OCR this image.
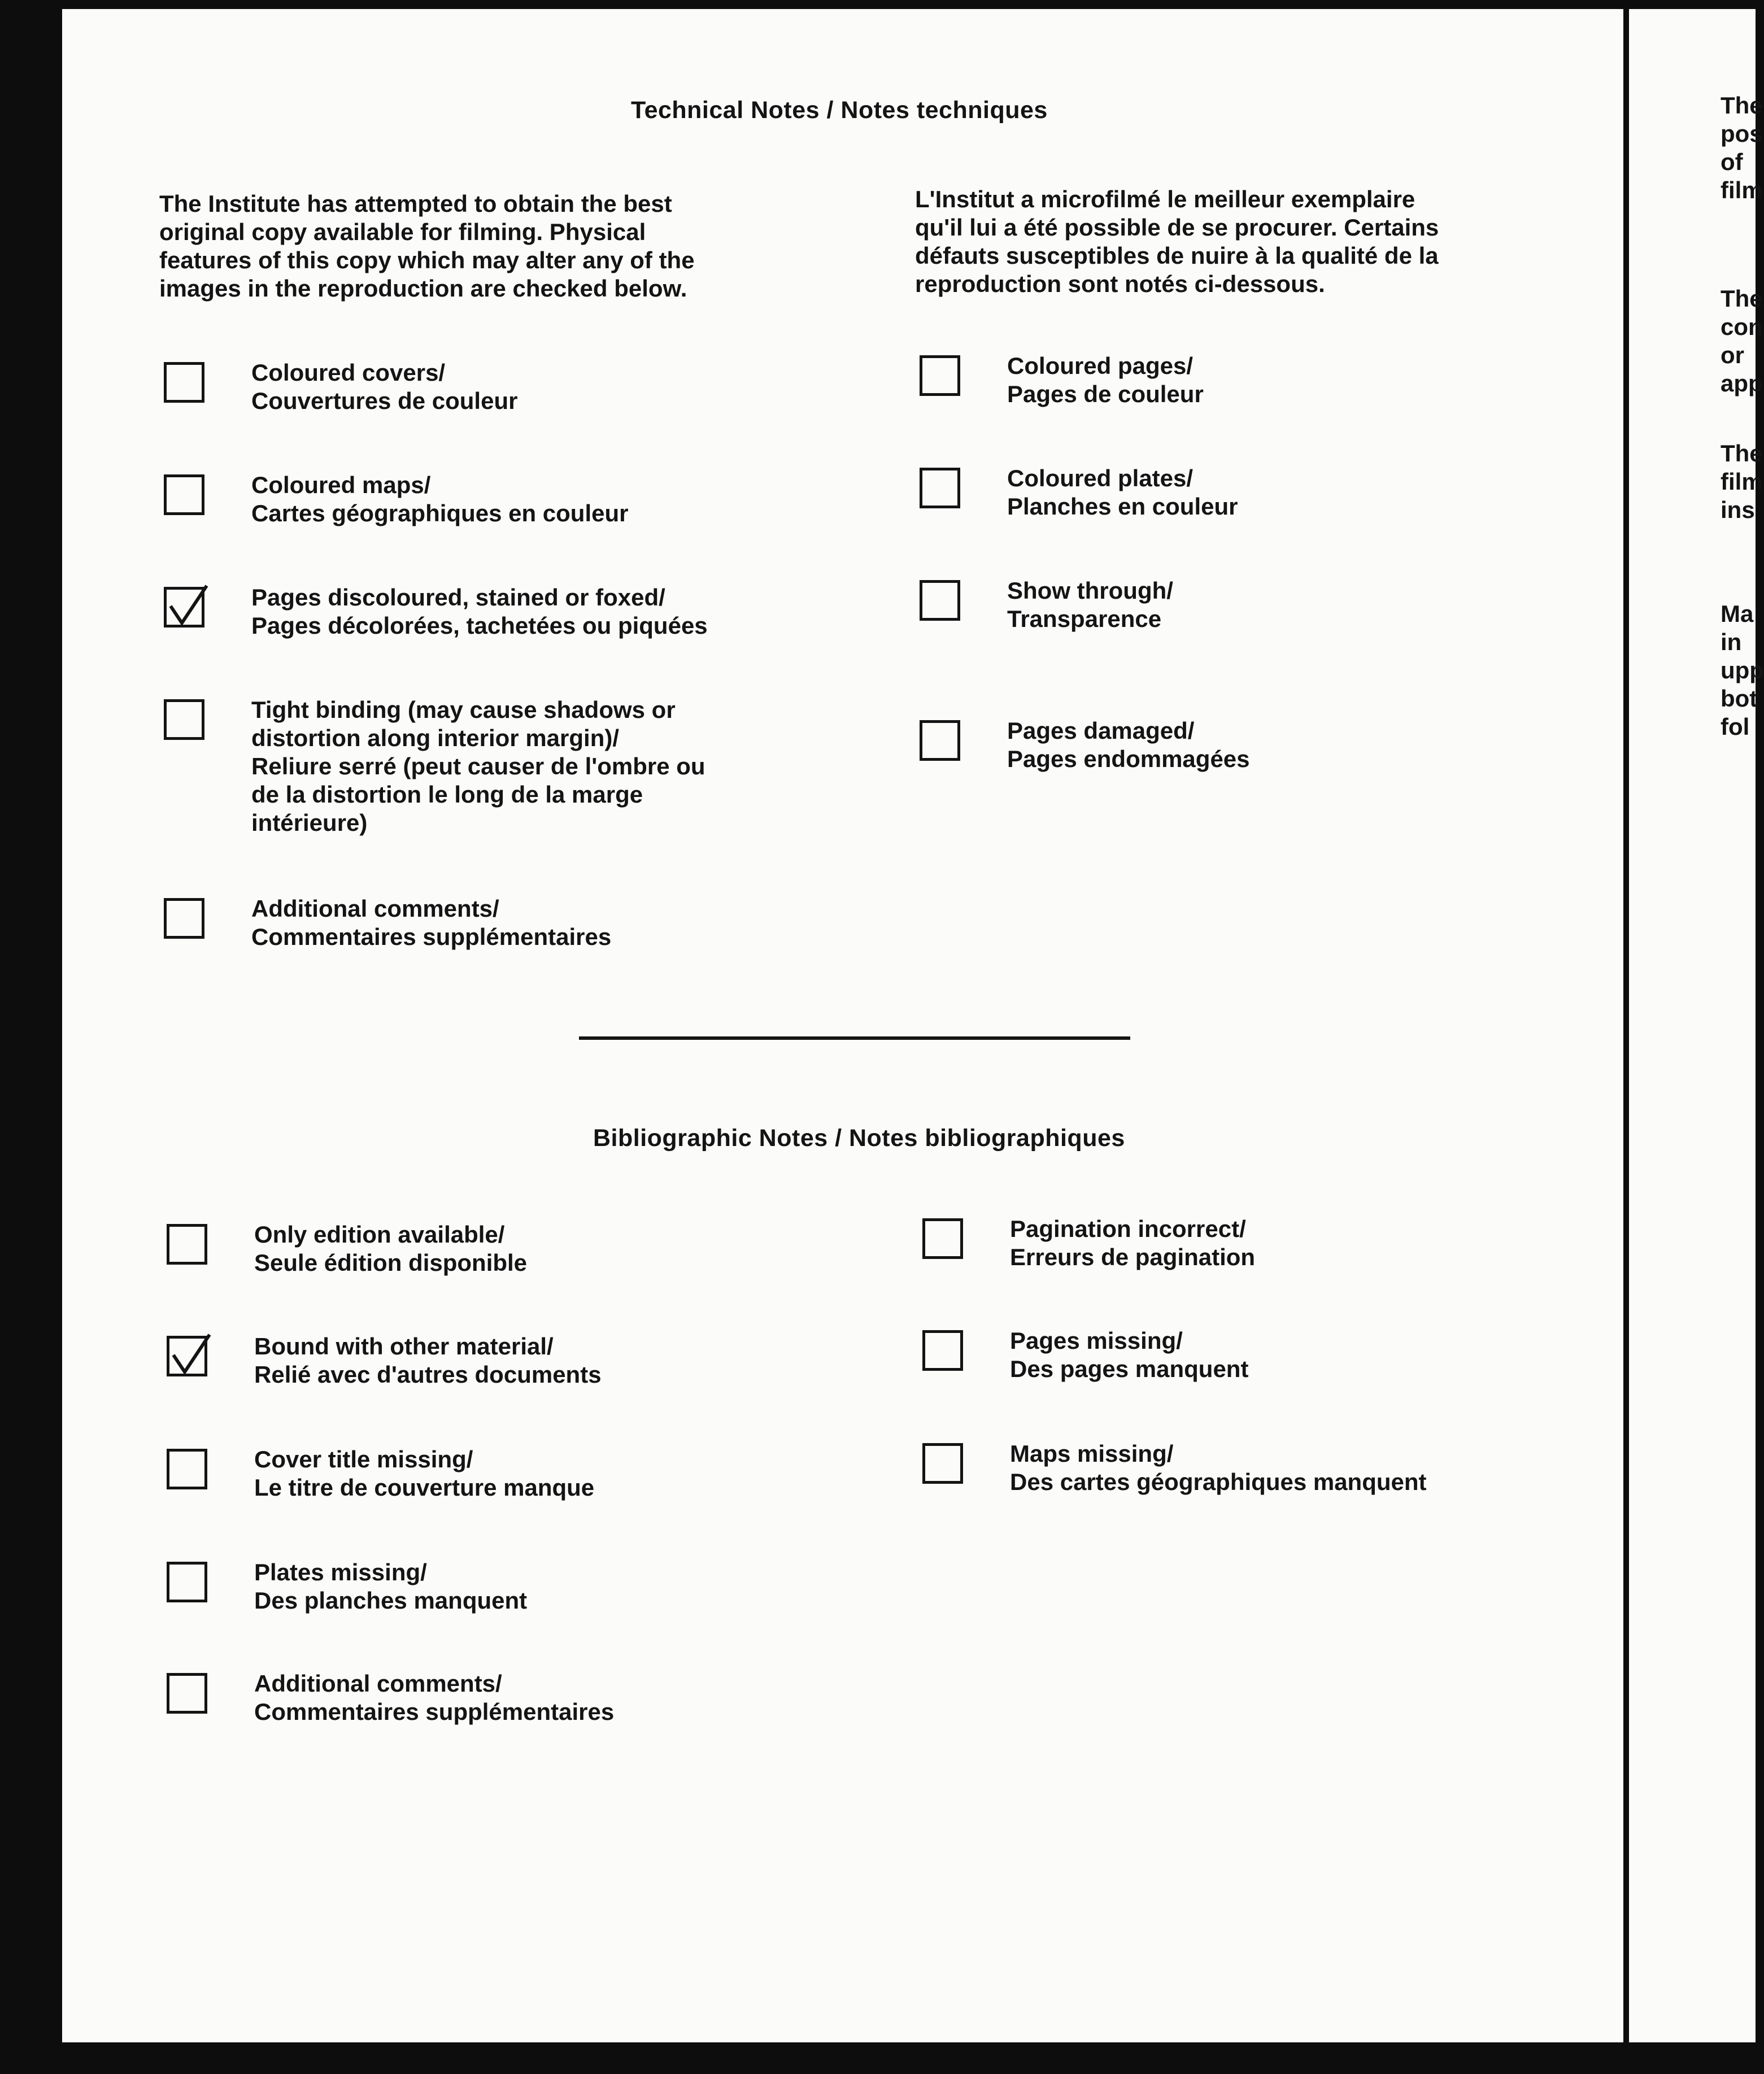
Technical Notes / Notes techniques
The Institute has attempted to obtain the best
original copy available for filming. Physical
features of this copy which may alter any of the
images in the reproduction are checked below.
L'Institut a microfilmé le meilleur exemplaire
qu'il lui a été possible de se procurer. Certains
défauts susceptibles de nuire à la qualité de la
reproduction sont notés ci-dessous.
Coloured covers/
Couvertures de couleur
Coloured maps/
Cartes géographiques en couleur
Pages discoloured, stained or foxed/
Pages décolorées, tachetées ou piquées
Tight binding (may cause shadows or
distortion along interior margin)/
Reliure serré (peut causer de l'ombre ou
de la distortion le long de la marge
intérieure)
Additional comments/
Commentaires supplémentaires
Coloured pages/
Pages de couleur
Coloured plates/
Planches en couleur
Show through/
Transparence
Pages damaged/
Pages endommagées
Bibliographic Notes / Notes bibliographiques
Only edition available/
Seule édition disponible
Bound with other material/
Relié avec d'autres documents
Cover title missing/
Le titre de couverture manque
Plates missing/
Des planches manquent
Additional comments/
Commentaires supplémentaires
Pagination incorrect/
Erreurs de pagination
Pages missing/
Des pages manquent
Maps missing/
Des cartes géographiques manquent
The
pos
of
film
The
con
or
app
The
film
ins
Ma
in
upp
bot
fol
